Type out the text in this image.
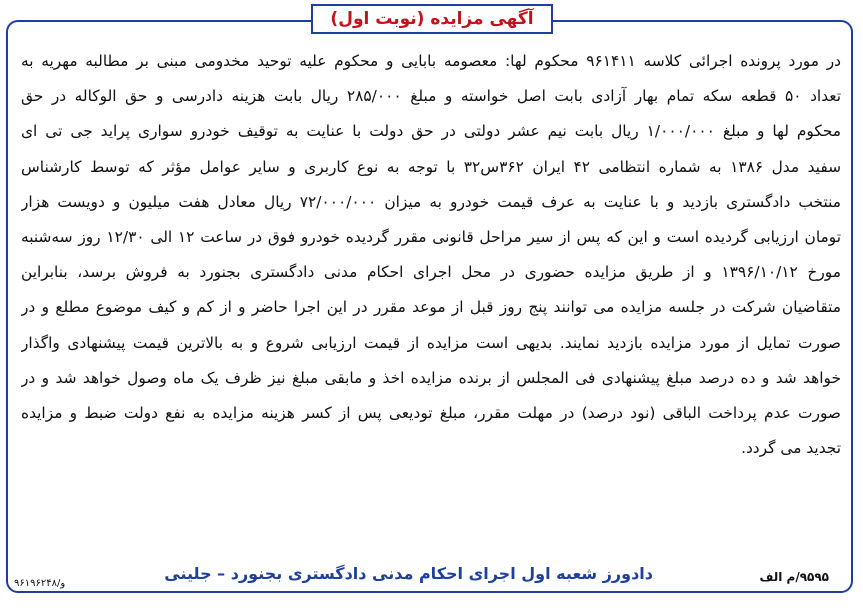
آگهی مزایده (نوبت اول)
در مورد پرونده اجرائی کلاسه ۹۶۱۴۱۱ محکوم لها: معصومه بابایی و محکوم علیه توحید مخدومی مبنی بر مطالبه مهریه به
تعداد ۵۰ قطعه سکه تمام بهار آزادی بابت اصل خواسته و مبلغ ۲۸۵/۰۰۰ ریال بابت هزینه دادرسی و حق الوکاله در حق
محکوم لها و مبلغ ۱/۰۰۰/۰۰۰ ریال بابت نیم عشر دولتی در حق دولت با عنایت به توقیف خودرو سواری پراید جی تی ای
سفید مدل ۱۳۸۶ به شماره انتظامی ۴۲ ایران ۳۶۲س۳۲ با توجه به نوع کاربری و سایر عوامل مؤثر که توسط کارشناس
منتخب دادگستری بازدید و با عنایت به عرف قیمت خودرو به میزان ۷۲/۰۰۰/۰۰۰ ریال معادل هفت میلیون و دویست هزار
تومان ارزیابی گردیده است و این که پس از سیر مراحل قانونی مقرر گردیده خودرو فوق در ساعت ۱۲ الی ۱۲/۳۰ روز سه‌شنبه
مورخ ۱۳۹۶/۱۰/۱۲ و از طریق مزایده حضوری در محل اجرای احکام مدنی دادگستری بجنورد به فروش برسد، بنابراین
متقاضیان شرکت در جلسه مزایده می توانند پنج روز قبل از موعد مقرر در این اجرا حاضر و از کم و کیف موضوع مطلع و در
صورت تمایل از مورد مزایده بازدید نمایند. بدیهی است مزایده از قیمت ارزیابی شروع و به بالاترین قیمت پیشنهادی واگذار
خواهد شد و ده درصد مبلغ پیشنهادی فی المجلس از برنده مزایده اخذ و مابقی مبلغ نیز ظرف یک ماه وصول خواهد شد و در
صورت عدم پرداخت الباقی (نود درصد) در مهلت مقرر، مبلغ تودیعی پس از کسر هزینه مزایده به نفع دولت ضبط و مزایده
تجدید می گردد.
۹۵۹۵/م الف
دادورز شعبه اول اجرای احکام مدنی دادگستری بجنورد – جلینی
۹۶۱۹۶۲۴۸/و
